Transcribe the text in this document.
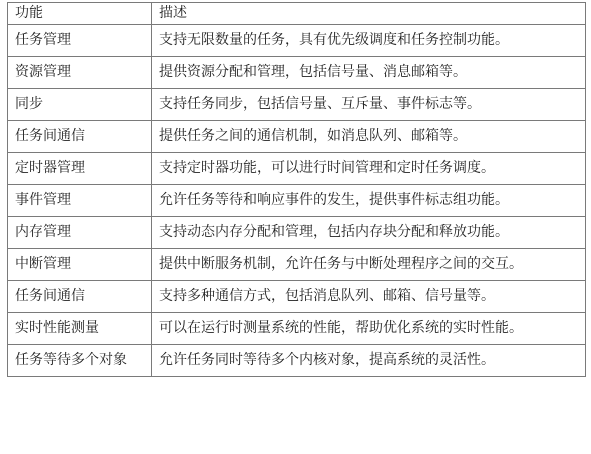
功能	描述
任务管理	支持无限数量的任务，具有优先级调度和任务控制功能。
资源管理	提供资源分配和管理，包括信号量、消息邮箱等。
同步	支持任务同步，包括信号量、互斥量、事件标志等。
任务间通信	提供任务之间的通信机制，如消息队列、邮箱等。
定时器管理	支持定时器功能，可以进行时间管理和定时任务调度。
事件管理	允许任务等待和响应事件的发生，提供事件标志组功能。
内存管理	支持动态内存分配和管理，包括内存块分配和释放功能。
中断管理	提供中断服务机制，允许任务与中断处理程序之间的交互。
任务间通信	支持多种通信方式，包括消息队列、邮箱、信号量等。
实时性能测量	可以在运行时测量系统的性能，帮助优化系统的实时性能。
任务等待多个对象	允许任务同时等待多个内核对象，提高系统的灵活性。
